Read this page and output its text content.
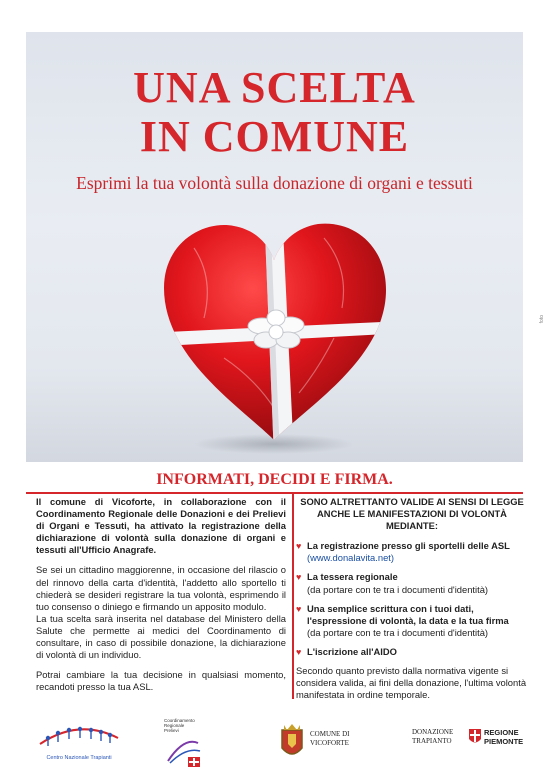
UNA SCELTA
IN COMUNE
Esprimi la tua volontà sulla donazione di organi e tessuti
INFORMATI, DECIDI E FIRMA.

Il comune di Vicoforte, in collaborazione con il Coordinamento Regionale delle Donazioni e dei Prelievi di Organi e Tessuti, ha attivato la registrazione della dichiarazione di volontà sulla donazione di organi e tessuti all'Ufficio Anagrafe.

Se sei un cittadino maggiorenne, in occasione del rilascio o del rinnovo della carta d'identità, l'addetto allo sportello ti chiederà se desideri registrare la tua volontà, esprimendo il tuo consenso o diniego e firmando un apposito modulo.

La tua scelta sarà inserita nel database del Ministero della Salute che permette ai medici del Coordinamento di consultare, in caso di possibile donazione, la dichiarazione di volontà di un individuo.

Potrai cambiare la tua decisione in qualsiasi momento, recandoti presso la tua ASL.

SONO ALTRETTANTO VALIDE AI SENSI DI LEGGE ANCHE LE MANIFESTAZIONI DI VOLONTÀ MEDIANTE:
♥ La registrazione presso gli sportelli delle ASL
(www.donalavita.net)
♥ La tessera regionale
(da portare con te tra i documenti d'identità)
♥ Una semplice scrittura con i tuoi dati, l'espressione di volontà, la data e la tua firma
(da portare con te tra i documenti d'identità)
♥ L'iscrizione all'AIDO
Secondo quanto previsto dalla normativa vigente si considera valida, ai fini della donazione, l'ultima volontà manifestata in ordine temporale.
Centro Nazionale Trapianti
Coordinamento Regionale Prelievi	COMUNE DI
VICOFORTE
DONAZIONE
TRAPIANTO
REGIONE
PIEMONTE
foto
